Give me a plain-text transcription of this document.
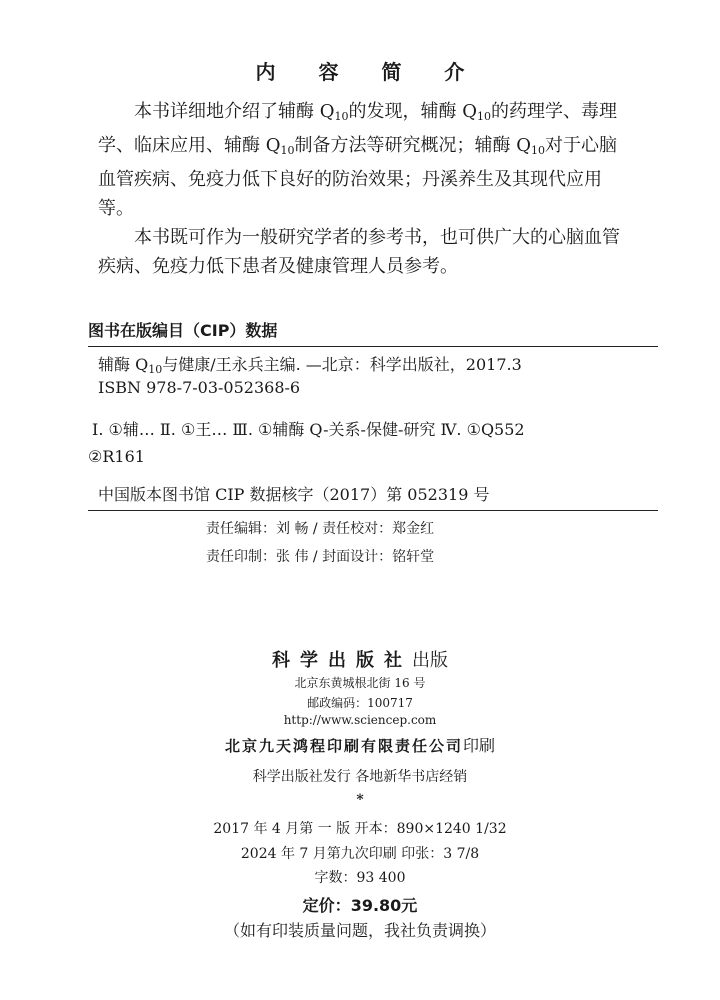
内 容 简 介

本书详细地介绍了辅酶 $Q_{10}$的发现，辅酶 $Q_{10}$的药理学、毒理学、临床应用、辅酶 $Q_{10}$制备方法等研究概况；辅酶 $Q_{10}$对于心脑血管疾病、免疫力低下良好的防治效果；丹溪养生及其现代应用等。

本书既可作为一般研究学者的参考书，也可供广大的心脑血管疾病、免疫力低下患者及健康管理人员参考。

图书在版编目（CIP）数据
辅酶 $Q_{10}$与健康/王永兵主编. —北京：科学出版社，2017.3
ISBN 978-7-03-052368-6
Ⅰ. ①辅… Ⅱ. ①王… Ⅲ. ①辅酶 Q-关系-保健-研究 Ⅳ. ①Q552
②R161
中国版本图书馆 CIP 数据核字（2017）第 052319 号
责任编辑：刘 畅 / 责任校对：郑金红
责任印制：张 伟 / 封面设计：铭轩堂
科学出版社出版
北京东黄城根北街 16 号
邮政编码：100717
http://www.sciencep.com
北京九天鸿程印刷有限责任公司印刷
科学出版社发行 各地新华书店经销
*
2017 年 4 月第 一 版 开本：890×1240 1/32
2024 年 7 月第九次印刷 印张：3 7/8
字数：93 400
定价：39.80元
（如有印装质量问题，我社负责调换）
